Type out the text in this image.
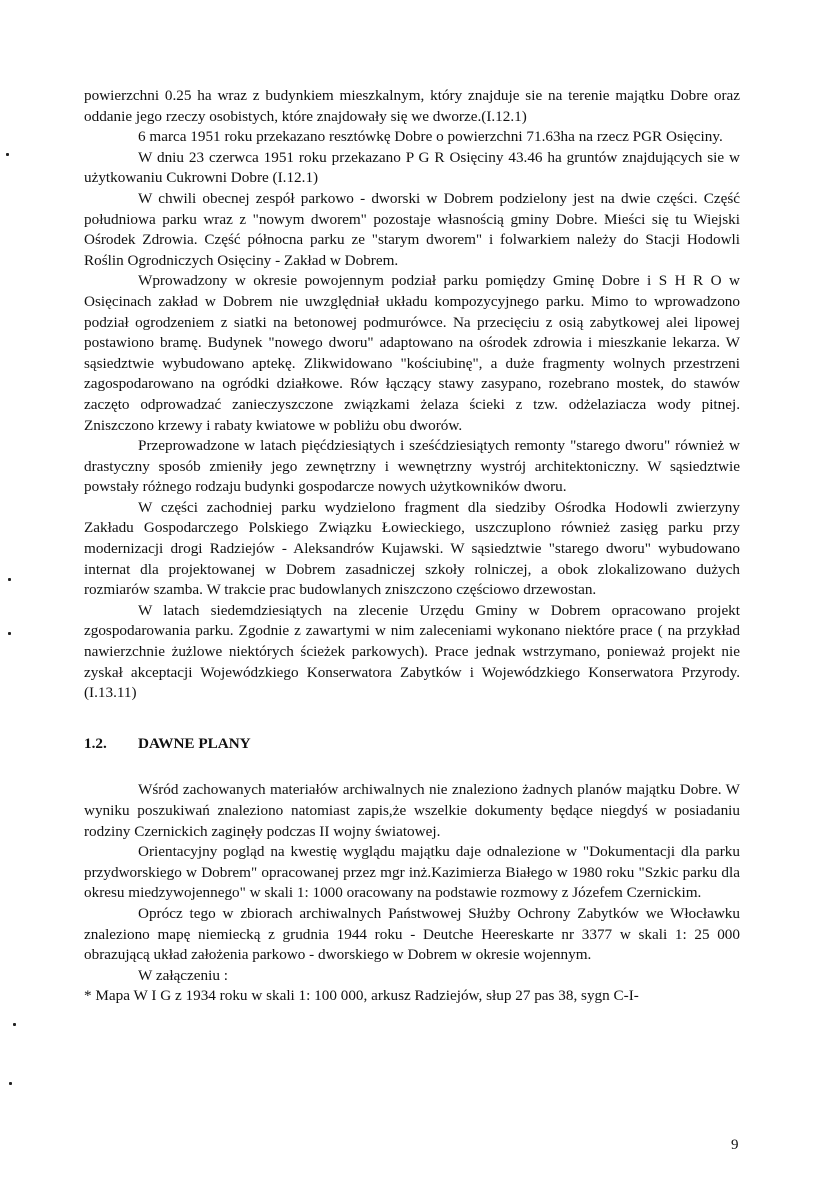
powierzchni 0.25 ha wraz z budynkiem mieszkalnym, który znajduje sie na terenie majątku Dobre oraz oddanie jego rzeczy osobistych, które znajdowały się we dworze.(I.12.1)

6 marca 1951 roku przekazano resztówkę Dobre o powierzchni 71.63ha na rzecz PGR Osięciny.

W dniu 23 czerwca 1951 roku przekazano P G R Osięciny 43.46 ha gruntów znajdujących sie w użytkowaniu Cukrowni Dobre (I.12.1)

W chwili obecnej zespół parkowo - dworski w Dobrem podzielony jest na dwie części. Część południowa parku wraz z "nowym dworem" pozostaje własnością gminy Dobre. Mieści się tu Wiejski Ośrodek Zdrowia. Część północna parku ze "starym dworem" i folwarkiem należy do Stacji Hodowli Roślin Ogrodniczych Osięciny - Zakład w Dobrem.

Wprowadzony w okresie powojennym podział parku pomiędzy Gminę Dobre i S H R O w Osięcinach zakład w Dobrem nie uwzględniał układu kompozycyjnego parku. Mimo to wprowadzono podział ogrodzeniem z siatki na betonowej podmurówce. Na przecięciu z osią zabytkowej alei lipowej postawiono bramę. Budynek "nowego dworu" adaptowano na ośrodek zdrowia i mieszkanie lekarza. W sąsiedztwie wybudowano aptekę. Zlikwidowano "kościubinę", a duże fragmenty wolnych przestrzeni zagospodarowano na ogródki działkowe. Rów łączący stawy zasypano, rozebrano mostek, do stawów zaczęto odprowadzać zanieczyszczone związkami żelaza ścieki z tzw. odżelaziacza wody pitnej. Zniszczono krzewy i rabaty kwiatowe w pobliżu obu dworów.

Przeprowadzone w latach pięćdziesiątych i sześćdziesiątych remonty "starego dworu" również w drastyczny sposób zmieniły jego zewnętrzny i wewnętrzny wystrój architektoniczny. W sąsiedztwie powstały różnego rodzaju budynki gospodarcze nowych użytkowników dworu.

W części zachodniej parku wydzielono fragment dla siedziby Ośrodka Hodowli zwierzyny Zakładu Gospodarczego Polskiego Związku Łowieckiego, uszczuplono również zasięg parku przy modernizacji drogi Radziejów - Aleksandrów Kujawski. W sąsiedztwie "starego dworu" wybudowano internat dla projektowanej w Dobrem zasadniczej szkoły rolniczej, a obok zlokalizowano dużych rozmiarów szamba. W trakcie prac budowlanych zniszczono częściowo drzewostan.

W latach siedemdziesiątych na zlecenie Urzędu Gminy w Dobrem opracowano projekt zgospodarowania parku. Zgodnie z zawartymi w nim zaleceniami wykonano niektóre prace ( na przykład nawierzchnie żużlowe niektórych ścieżek parkowych). Prace jednak wstrzymano, ponieważ projekt nie zyskał akceptacji Wojewódzkiego Konserwatora Zabytków i Wojewódzkiego Konserwatora Przyrody.(I.13.11)

1.2. DAWNE PLANY

Wśród zachowanych materiałów archiwalnych nie znaleziono żadnych planów majątku Dobre. W wyniku poszukiwań znaleziono natomiast zapis,że wszelkie dokumenty będące niegdyś w posiadaniu rodziny Czernickich zaginęły podczas II wojny światowej.

Orientacyjny pogląd na kwestię wyglądu majątku daje odnalezione w "Dokumentacji dla parku przydworskiego w Dobrem" opracowanej przez mgr inż.Kazimierza Białego w 1980 roku "Szkic parku dla okresu miedzywojennego" w skali 1: 1000 oracowany na podstawie rozmowy z Józefem Czernickim.

Oprócz tego w zbiorach archiwalnych Państwowej Służby Ochrony Zabytków we Włocławku znaleziono mapę niemiecką z grudnia 1944 roku - Deutche Heereskarte nr 3377 w skali 1: 25 000 obrazującą układ założenia parkowo - dworskiego w Dobrem w okresie wojennym.

W załączeniu :

* Mapa W I G z 1934 roku w skali 1: 100 000, arkusz Radziejów, słup 27 pas 38, sygn C-I-

9
